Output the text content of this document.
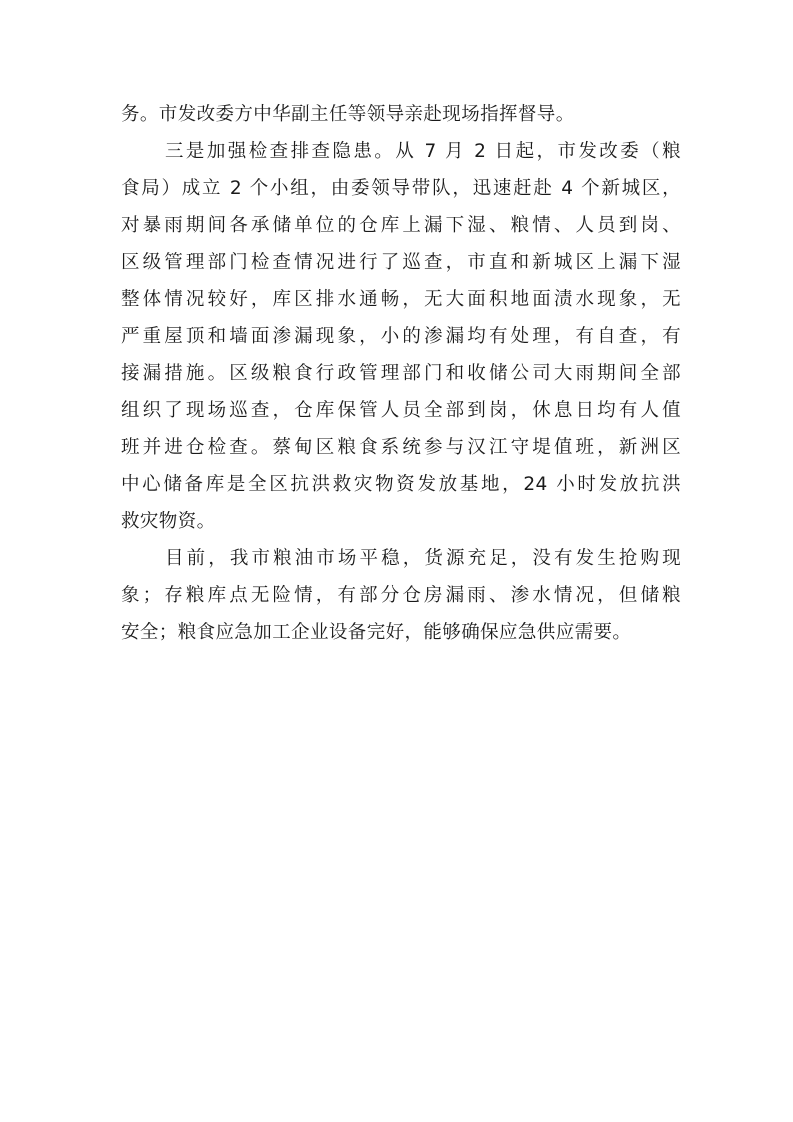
务。市发改委方中华副主任等领导亲赴现场指挥督导。
三是加强检查排查隐患。从 7 月 2 日起，市发改委（粮
食局）成立 2 个小组，由委领导带队，迅速赶赴 4 个新城区，
对暴雨期间各承储单位的仓库上漏下湿、粮情、人员到岗、
区级管理部门检查情况进行了巡查，市直和新城区上漏下湿
整体情况较好，库区排水通畅，无大面积地面渍水现象，无
严重屋顶和墙面渗漏现象，小的渗漏均有处理，有自查，有
接漏措施。区级粮食行政管理部门和收储公司大雨期间全部
组织了现场巡查，仓库保管人员全部到岗，休息日均有人值
班并进仓检查。蔡甸区粮食系统参与汉江守堤值班，新洲区
中心储备库是全区抗洪救灾物资发放基地，24 小时发放抗洪
救灾物资。
目前，我市粮油市场平稳，货源充足，没有发生抢购现
象；存粮库点无险情，有部分仓房漏雨、渗水情况，但储粮
安全；粮食应急加工企业设备完好，能够确保应急供应需要。
